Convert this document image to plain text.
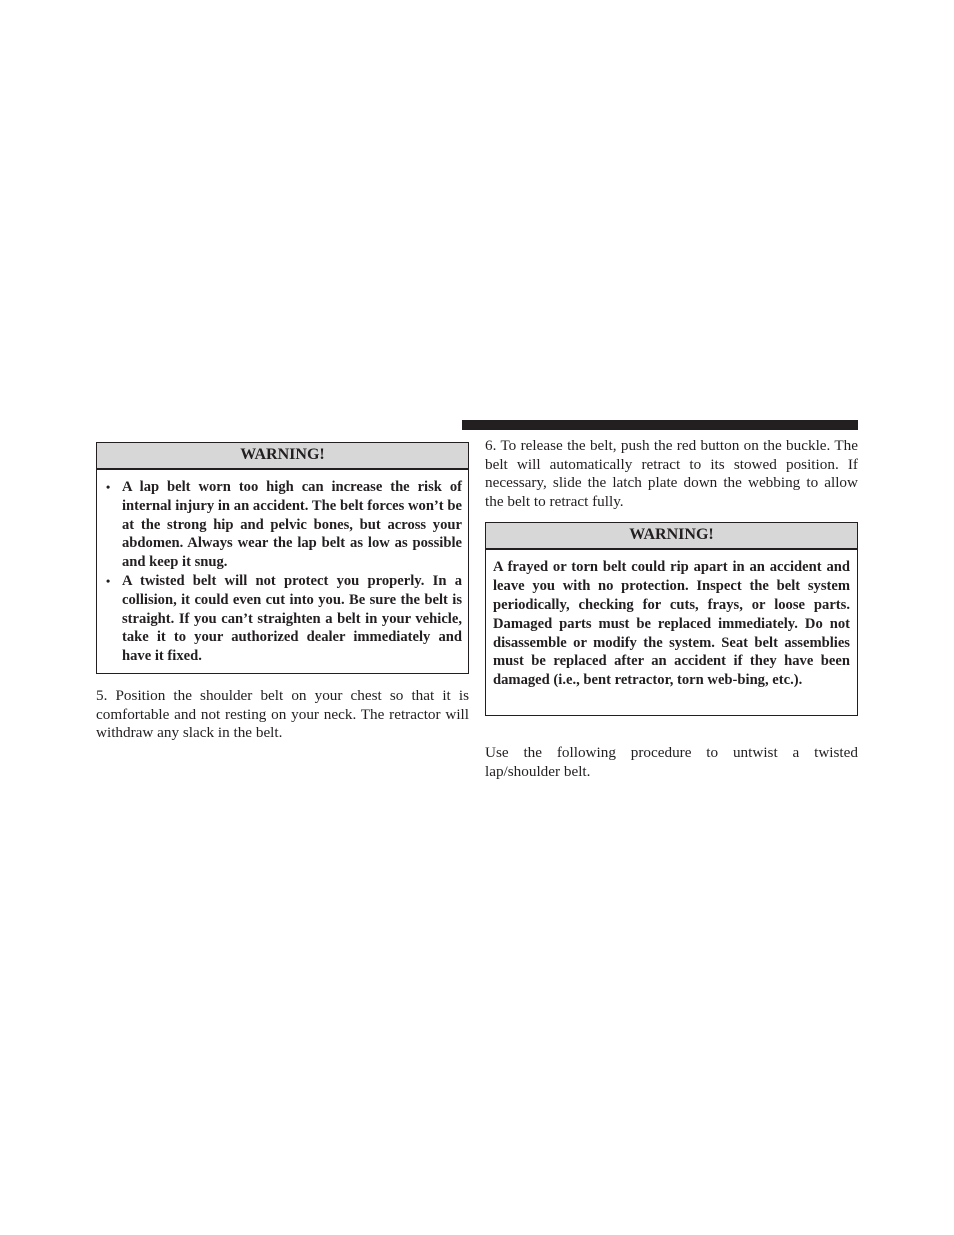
WARNING!
• A lap belt worn too high can increase the risk of internal injury in an accident. The belt forces won’t be at the strong hip and pelvic bones, but across your abdomen. Always wear the lap belt as low as possible and keep it snug.
• A twisted belt will not protect you properly. In a collision, it could even cut into you. Be sure the belt is straight. If you can’t straighten a belt in your vehicle, take it to your authorized dealer immediately and have it fixed.

5. Position the shoulder belt on your chest so that it is comfortable and not resting on your neck. The retractor will withdraw any slack in the belt.

6. To release the belt, push the red button on the buckle. The belt will automatically retract to its stowed position. If necessary, slide the latch plate down the webbing to allow the belt to retract fully.

WARNING!
A frayed or torn belt could rip apart in an accident and leave you with no protection. Inspect the belt system periodically, checking for cuts, frays, or loose parts. Damaged parts must be replaced immediately. Do not disassemble or modify the system. Seat belt assemblies must be replaced after an accident if they have been damaged (i.e., bent retractor, torn web-bing, etc.).

Use the following procedure to untwist a twisted lap/shoulder belt.
